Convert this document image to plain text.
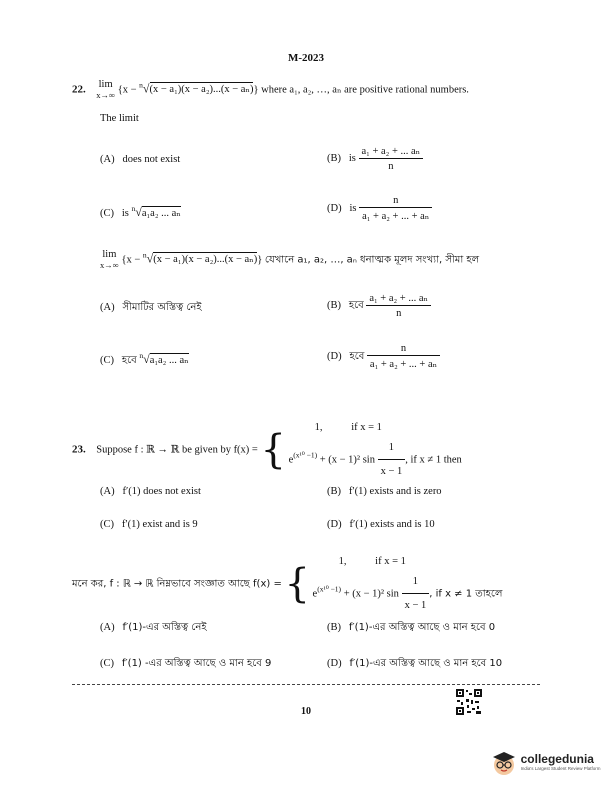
M-2023
22. lim
x→∞ {x − $^n$√(x − a₁)(x − a₂)...(x − aₙ)} where a₁, a₂, …, aₙ are positive rational numbers.
The limit
(A) does not exist	(B) is $\frac{\text{a₁ + a₂ + ... aₙ}}{n}$
(C) is $^n$√a₁a₂ ... aₙ	(D) is $\frac{n}{\text{a₁ + a₂ + ... + aₙ}}$
lim
x→∞ {x − $^n$√(x − a₁)(x − a₂)...(x − aₙ)} যেখানে a₁, a₂, …, aₙ ধনাত্মক মূলদ সংখ্যা, সীমা হল
(A) সীমাটির অস্তিত্ব নেই	(B) হবে $\frac{\text{a₁ + a₂ + ... aₙ}}{n}$
(C) হবে $^n$√a₁a₂ ... aₙ	(D) হবে $\frac{n}{\text{a₁ + a₂ + ... + aₙ}}$
23. Suppose f : ℝ → ℝ be given by f(x) = {	1,	if x = 1
$e^{(x^{10} -1)} + (x - 1)^2$ $\sin \frac{1}{x - 1}$ , if x ≠ 1 then
(A) f′(1) does not exist	(B) f′(1) exists and is zero
(C) f′(1) exist and is 9	(D) f′(1) exists and is 10
মনে কর, f : ℝ → ℝ নিম্নভাবে সংজ্ঞাত আছে f(x) = {	1,	if x = 1
$e^{(x^{10} -1)} + (x - 1)^2$ $\sin \frac{1}{x - 1}$ , if x ≠ 1 তাহলে
(A) f′(1)-এর অস্তিত্ব নেই	(B) f′(1)-এর অস্তিত্ব আছে ও মান হবে 0
(C) f′(1) -এর অস্তিত্ব আছে ও মান হবে 9	(D) f′(1)-এর অস্তিত্ব আছে ও মান হবে 10
10

collegedunia
India's Largest Student Review Platform
